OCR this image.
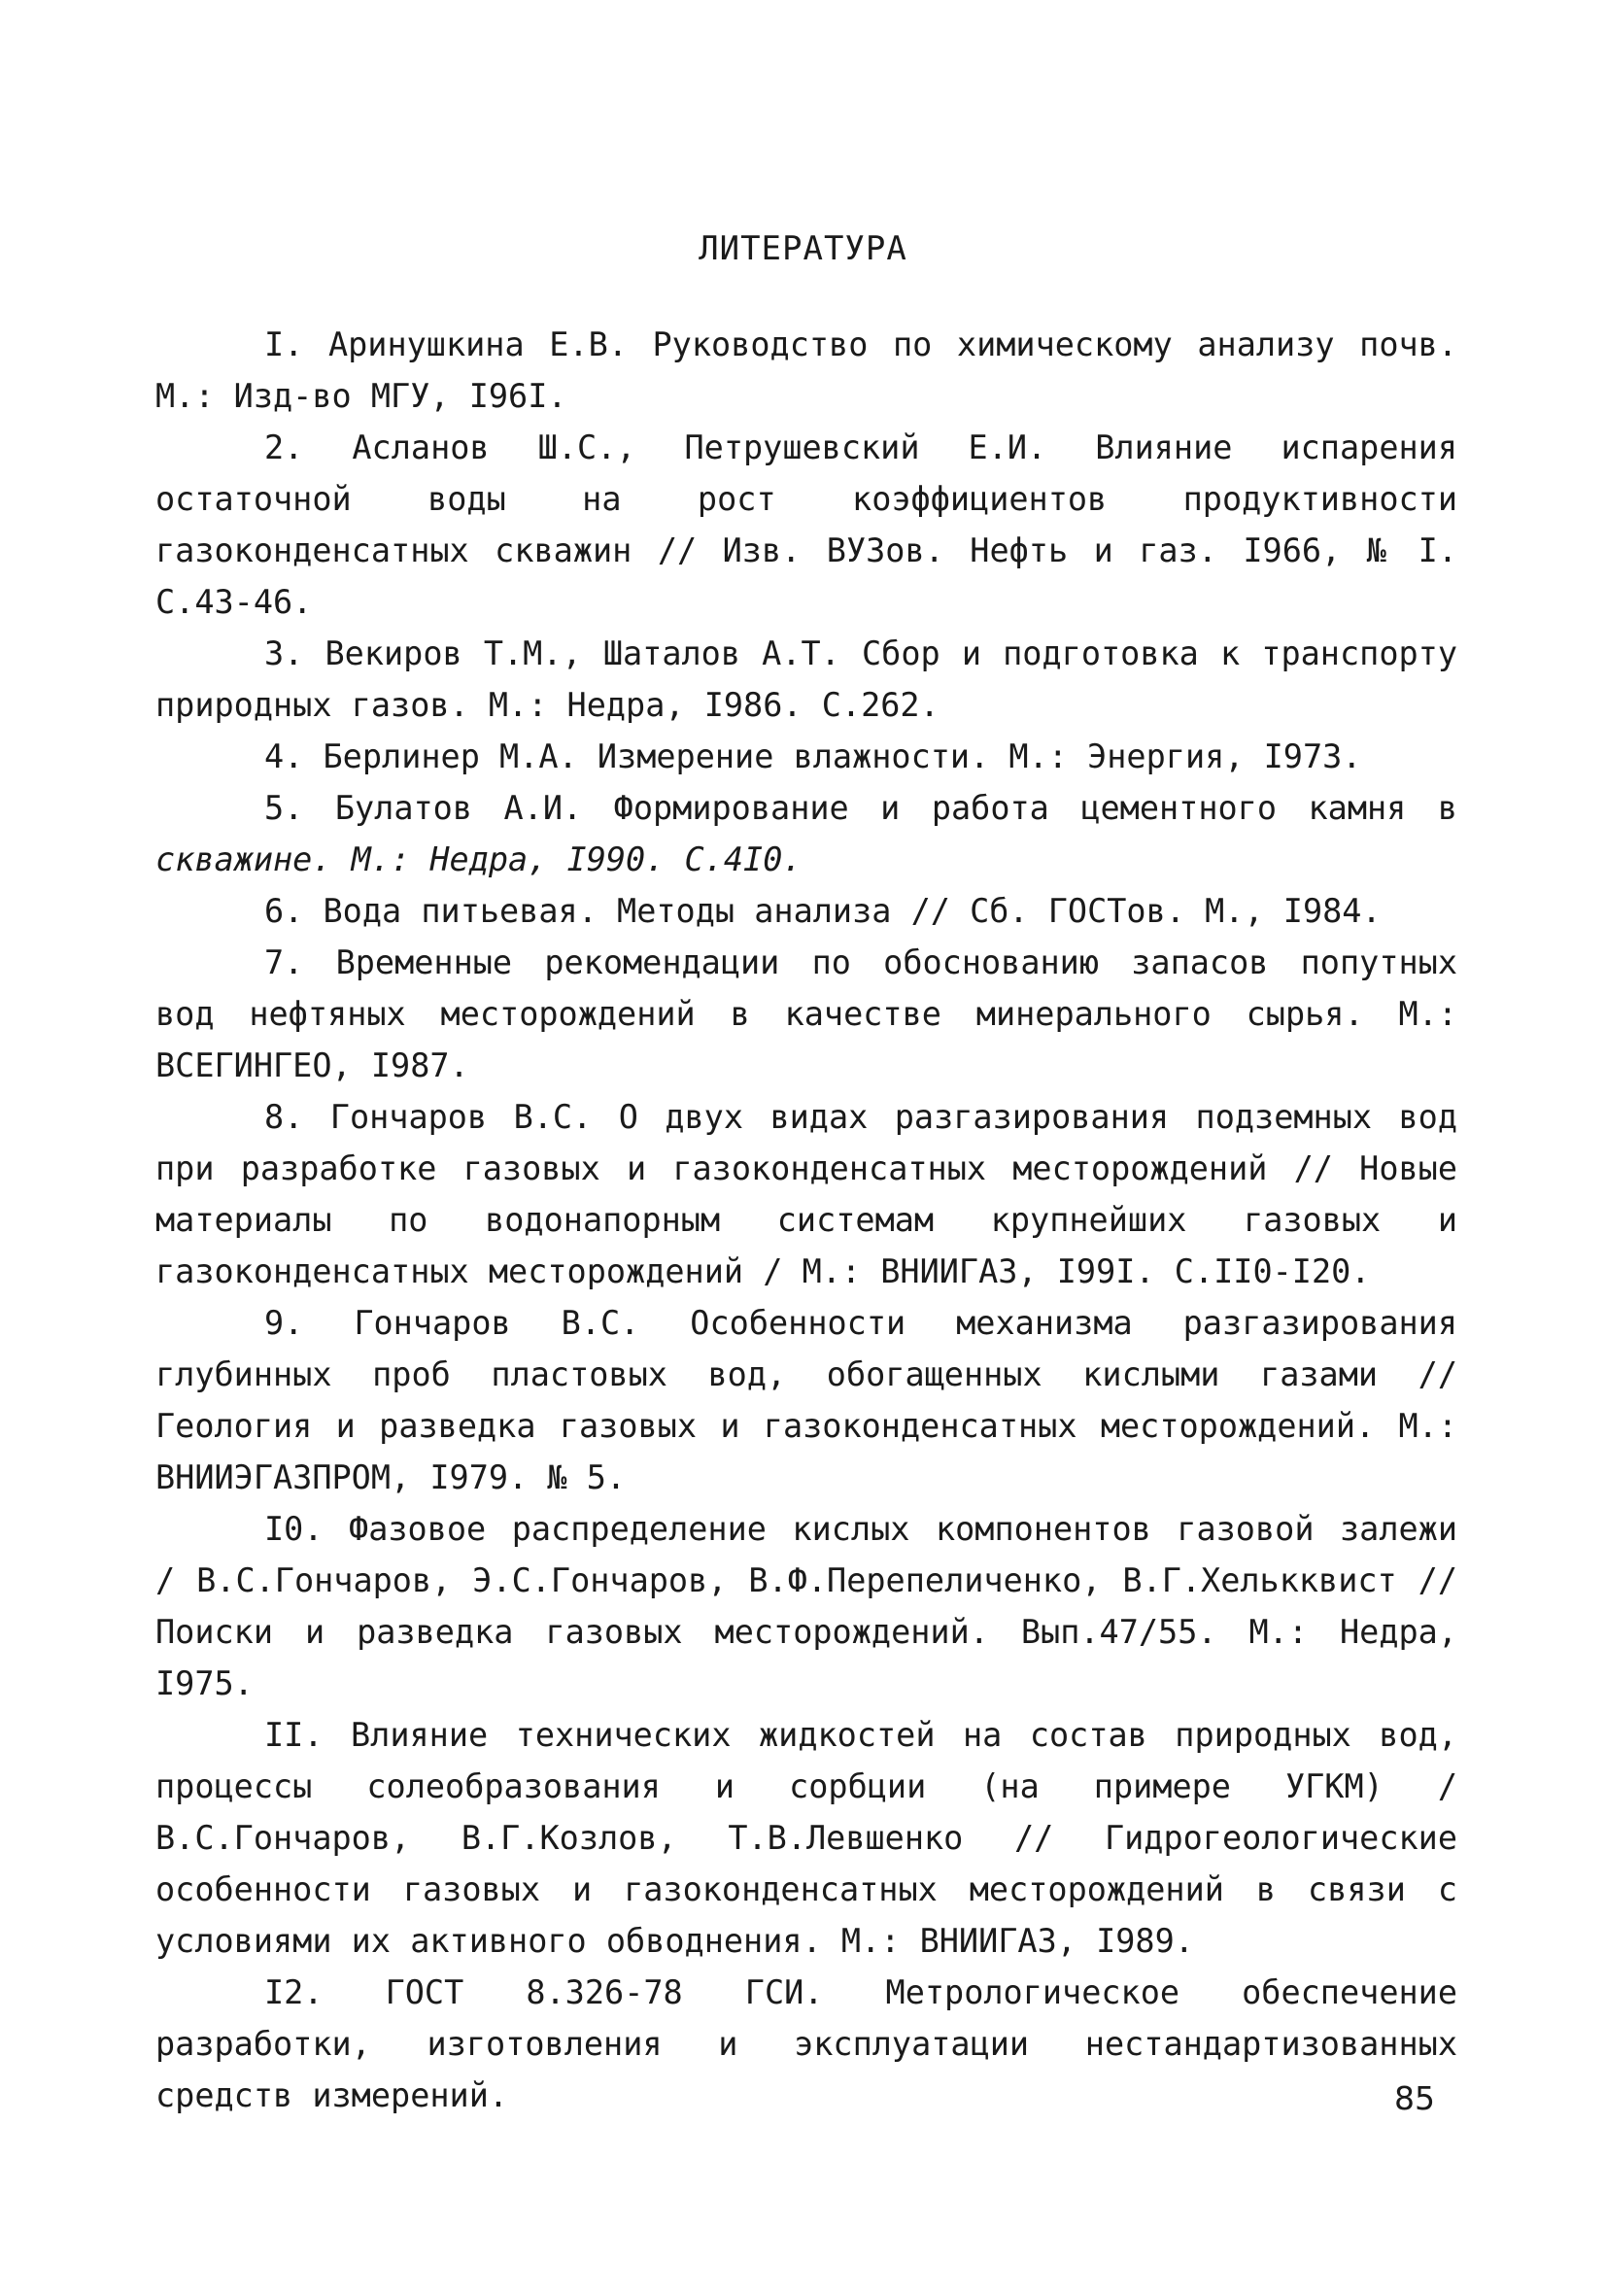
ЛИТЕРАТУРА
I. Аринушкина Е.В. Руководство по химическому анализу почв. М.: Изд-во МГУ, I96I.
2. Асланов Ш.С., Петрушевский Е.И. Влияние испарения остаточной воды на рост коэффициентов продуктивности газоконденсатных скважин // Изв. ВУЗов. Нефть и газ. I966, № I. С.43-46.
3. Векиров Т.М., Шаталов А.Т. Сбор и подготовка к транспорту природных газов. М.: Недра, I986. С.262.
4. Берлинер М.А. Измерение влажности. М.: Энергия, I973.
5. Булатов А.И. Формирование и работа цементного камня в скважине. М.: Недра, I990. С.4I0.
6. Вода питьевая. Методы анализа // Сб. ГОСТов. М., I984.
7. Временные рекомендации по обоснованию запасов попутных вод нефтяных месторождений в качестве минерального сырья. М.: ВСЕГИНГЕО, I987.
8. Гончаров В.С. О двух видах разгазирования подземных вод при разработке газовых и газоконденсатных месторождений // Новые материалы по водонапорным системам крупнейших газовых и газоконденсатных месторождений / М.: ВНИИГАЗ, I99I. С.II0-I20.
9. Гончаров В.С. Особенности механизма разгазирования глубинных проб пластовых вод, обогащенных кислыми газами // Геология и разведка газовых и газоконденсатных месторождений. М.: ВНИИЭГАЗПРОМ, I979. № 5.
I0. Фазовое распределение кислых компонентов газовой залежи / В.С.Гончаров, Э.С.Гончаров, В.Ф.Перепеличенко, В.Г.Хелькквист // Поиски и разведка газовых месторождений. Вып.47/55. М.: Недра, I975.
II. Влияние технических жидкостей на состав природных вод, процессы солеобразования и сорбции (на примере УГКМ) / В.С.Гончаров, В.Г.Козлов, Т.В.Левшенко // Гидрогеологические особенности газовых и газоконденсатных месторождений в связи с условиями их активного обводнения. М.: ВНИИГАЗ, I989.
I2. ГОСТ 8.326-78 ГСИ. Метрологическое обеспечение разработки, изготовления и эксплуатации нестандартизованных средств измерений.	85
